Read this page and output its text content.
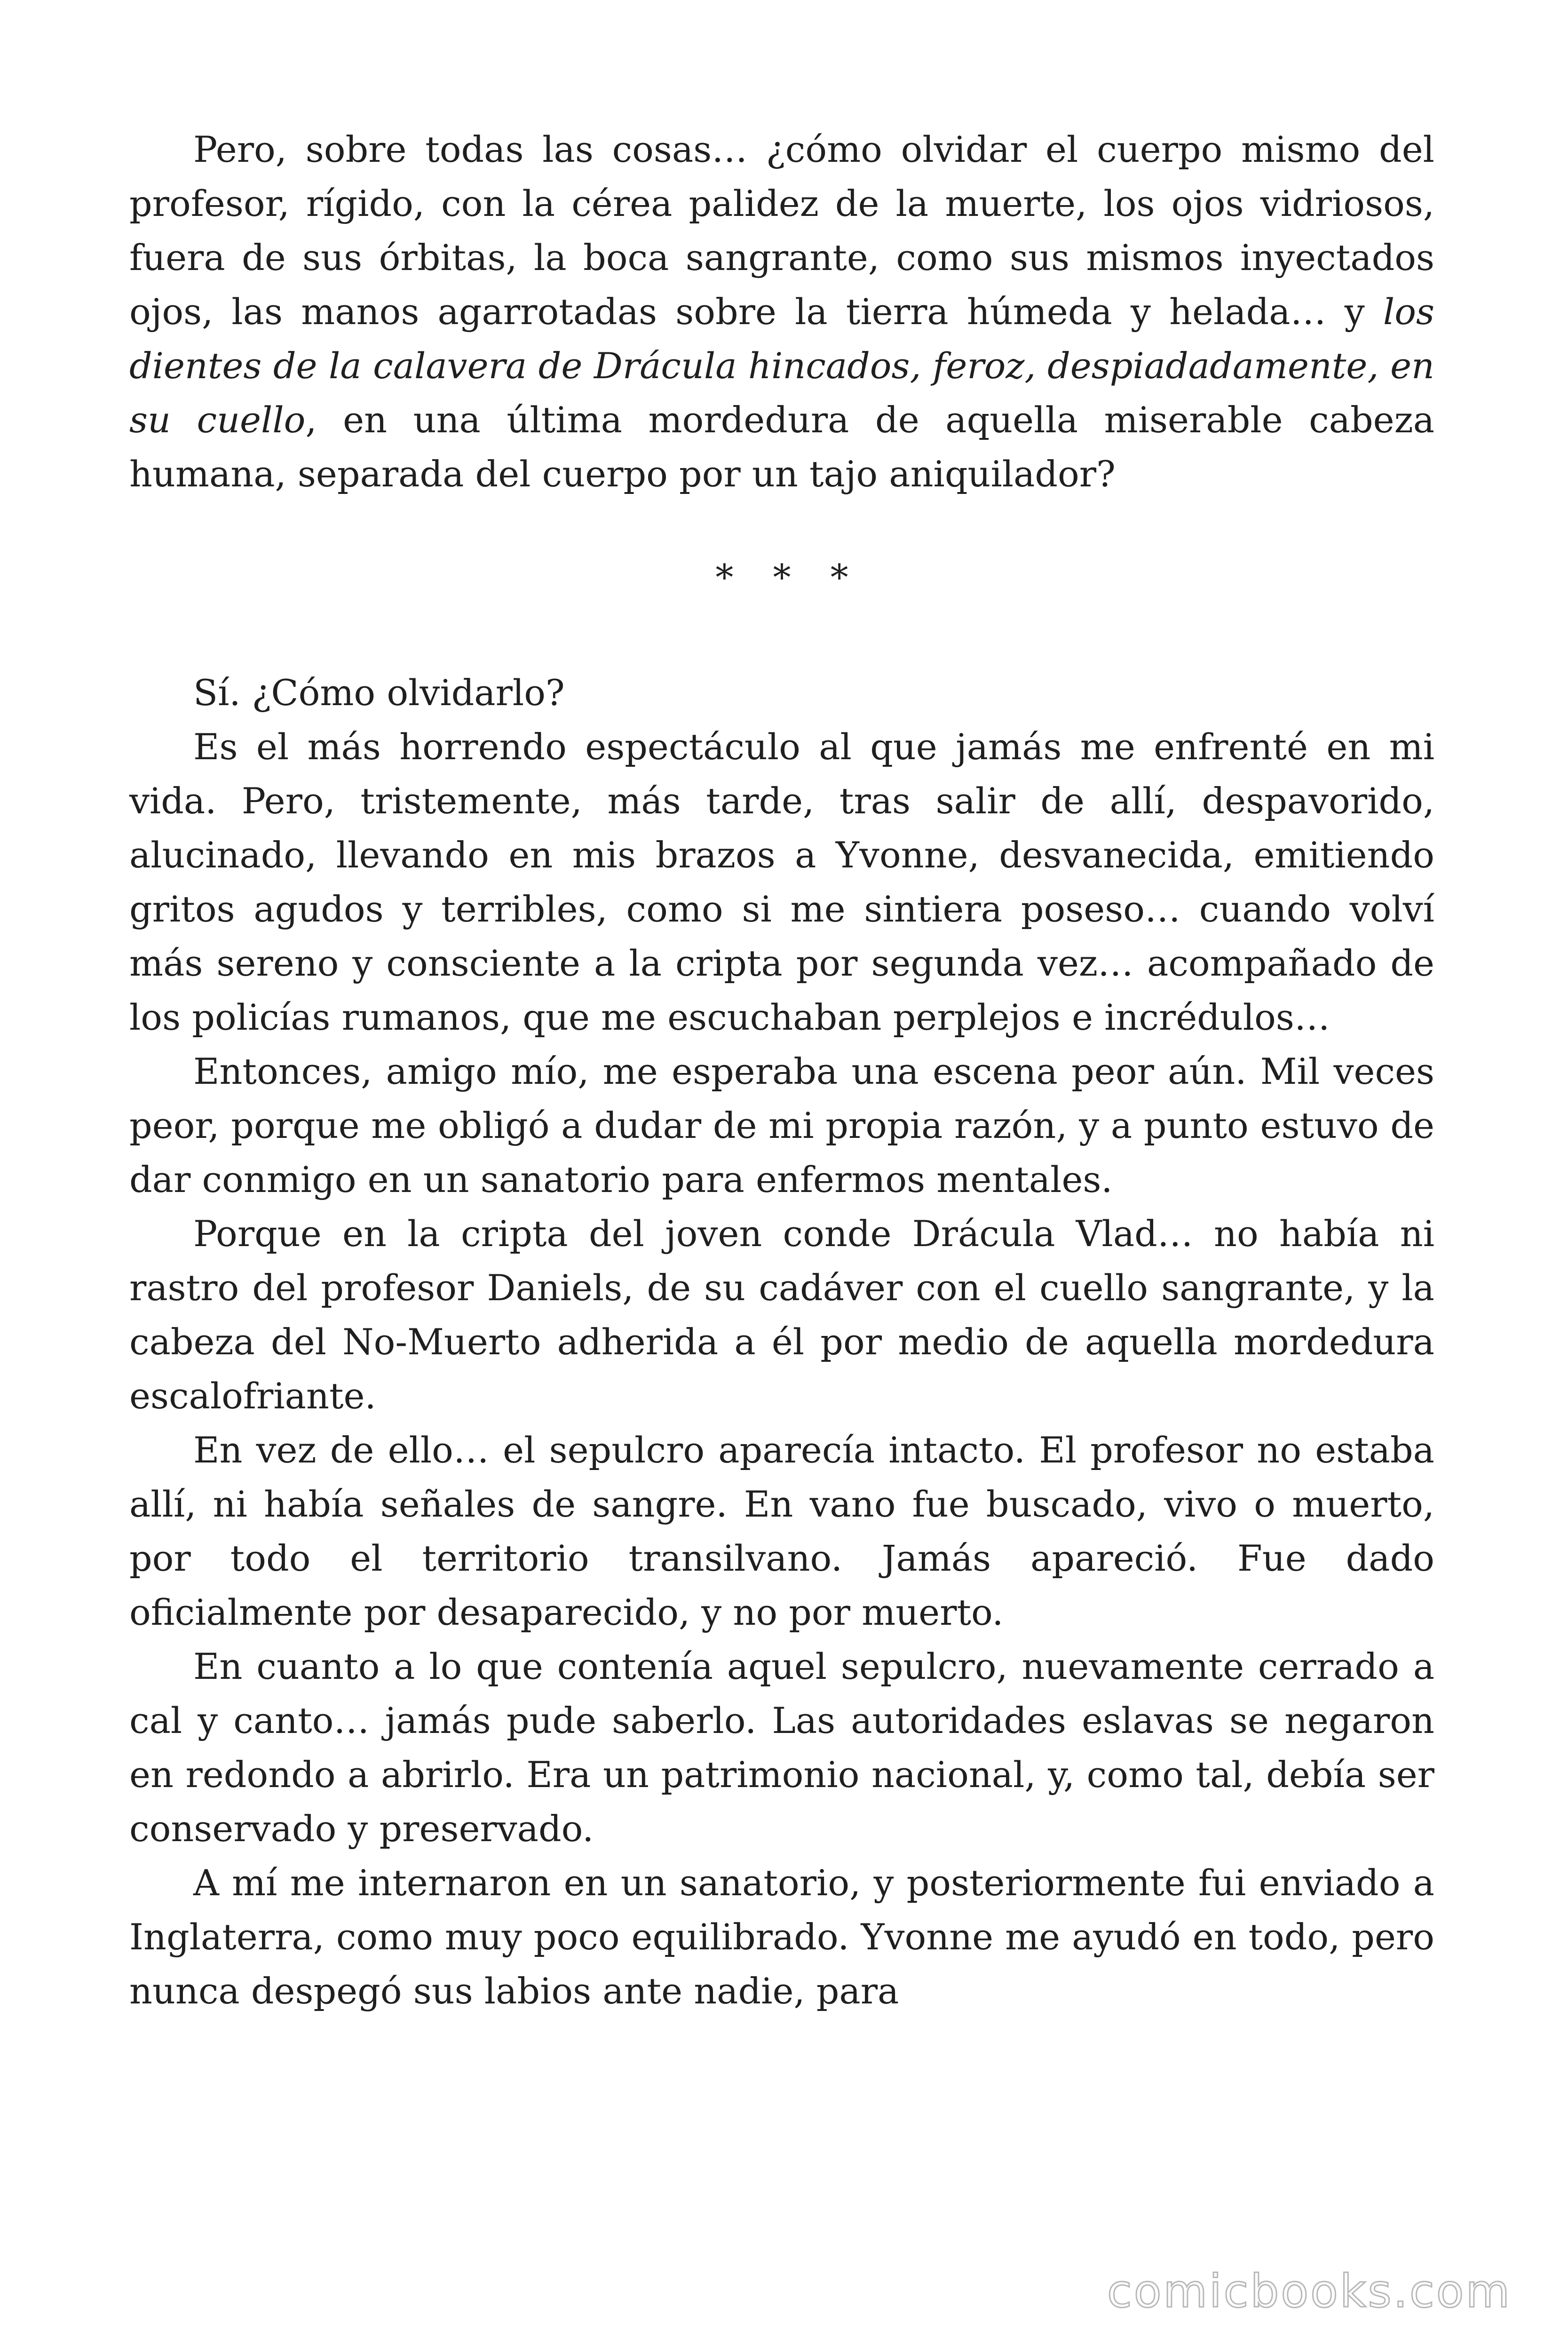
Pero, sobre todas las cosas… ¿cómo olvidar el cuerpo mismo del profesor, rígido, con la cérea palidez de la muerte, los ojos vidriosos, fuera de sus órbitas, la boca sangrante, como sus mismos inyectados ojos, las manos agarrotadas sobre la tierra húmeda y helada… y los dientes de la calavera de Drácula hincados, feroz, despiadadamente, en su cuello, en una última mordedura de aquella miserable cabeza humana, separada del cuerpo por un tajo aniquilador?

* * *

Sí. ¿Cómo olvidarlo?

Es el más horrendo espectáculo al que jamás me enfrenté en mi vida. Pero, tristemente, más tarde, tras salir de allí, despavorido, alucinado, llevando en mis brazos a Yvonne, desvanecida, emitiendo gritos agudos y terribles, como si me sintiera poseso… cuando volví más sereno y consciente a la cripta por segunda vez… acompañado de los policías rumanos, que me escuchaban perplejos e incrédulos…

Entonces, amigo mío, me esperaba una escena peor aún. Mil veces peor, porque me obligó a dudar de mi propia razón, y a punto estuvo de dar conmigo en un sanatorio para enfermos mentales.

Porque en la cripta del joven conde Drácula Vlad… no había ni rastro del profesor Daniels, de su cadáver con el cuello sangrante, y la cabeza del No-Muerto adherida a él por medio de aquella mordedura escalofriante.

En vez de ello… el sepulcro aparecía intacto. El profesor no estaba allí, ni había señales de sangre. En vano fue buscado, vivo o muerto, por todo el territorio transilvano. Jamás apareció. Fue dado oficialmente por desaparecido, y no por muerto.

En cuanto a lo que contenía aquel sepulcro, nuevamente cerrado a cal y canto… jamás pude saberlo. Las autoridades eslavas se negaron en redondo a abrirlo. Era un patrimonio nacional, y, como tal, debía ser conservado y preservado.

A mí me internaron en un sanatorio, y posteriormente fui enviado a Inglaterra, como muy poco equilibrado. Yvonne me ayudó en todo, pero nunca despegó sus labios ante nadie, para

comicbooks.com
